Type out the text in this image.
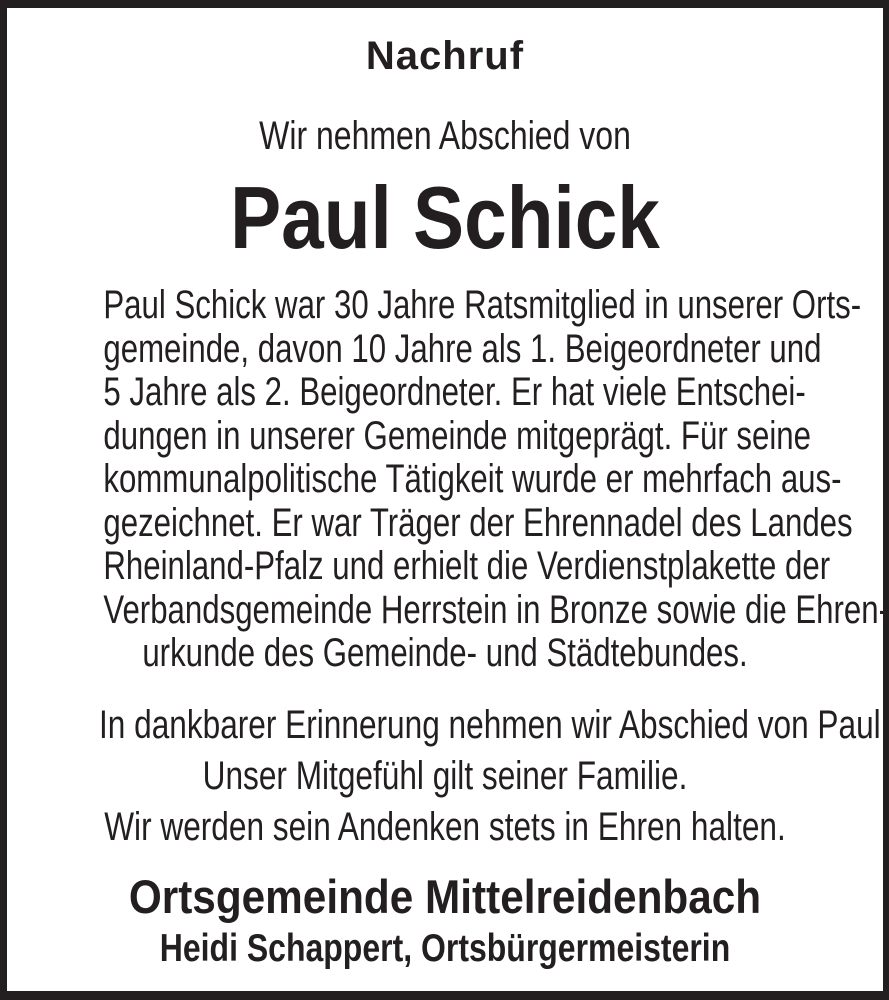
Nachruf
Wir nehmen Abschied von
Paul Schick
Paul Schick war 30 Jahre Ratsmitglied in unserer Orts-
gemeinde, davon 10 Jahre als 1. Beigeordneter und
5 Jahre als 2. Beigeordneter. Er hat viele Entschei-
dungen in unserer Gemeinde mitgeprägt. Für seine
kommunalpolitische Tätigkeit wurde er mehrfach aus-
gezeichnet. Er war Träger der Ehrennadel des Landes
Rheinland-Pfalz und erhielt die Verdienstplakette der
Verbandsgemeinde Herrstein in Bronze sowie die Ehren-
urkunde des Gemeinde- und Städtebundes.
In dankbarer Erinnerung nehmen wir Abschied von Paul.
Unser Mitgefühl gilt seiner Familie.
Wir werden sein Andenken stets in Ehren halten.
Ortsgemeinde Mittelreidenbach
Heidi Schappert, Ortsbürgermeisterin
